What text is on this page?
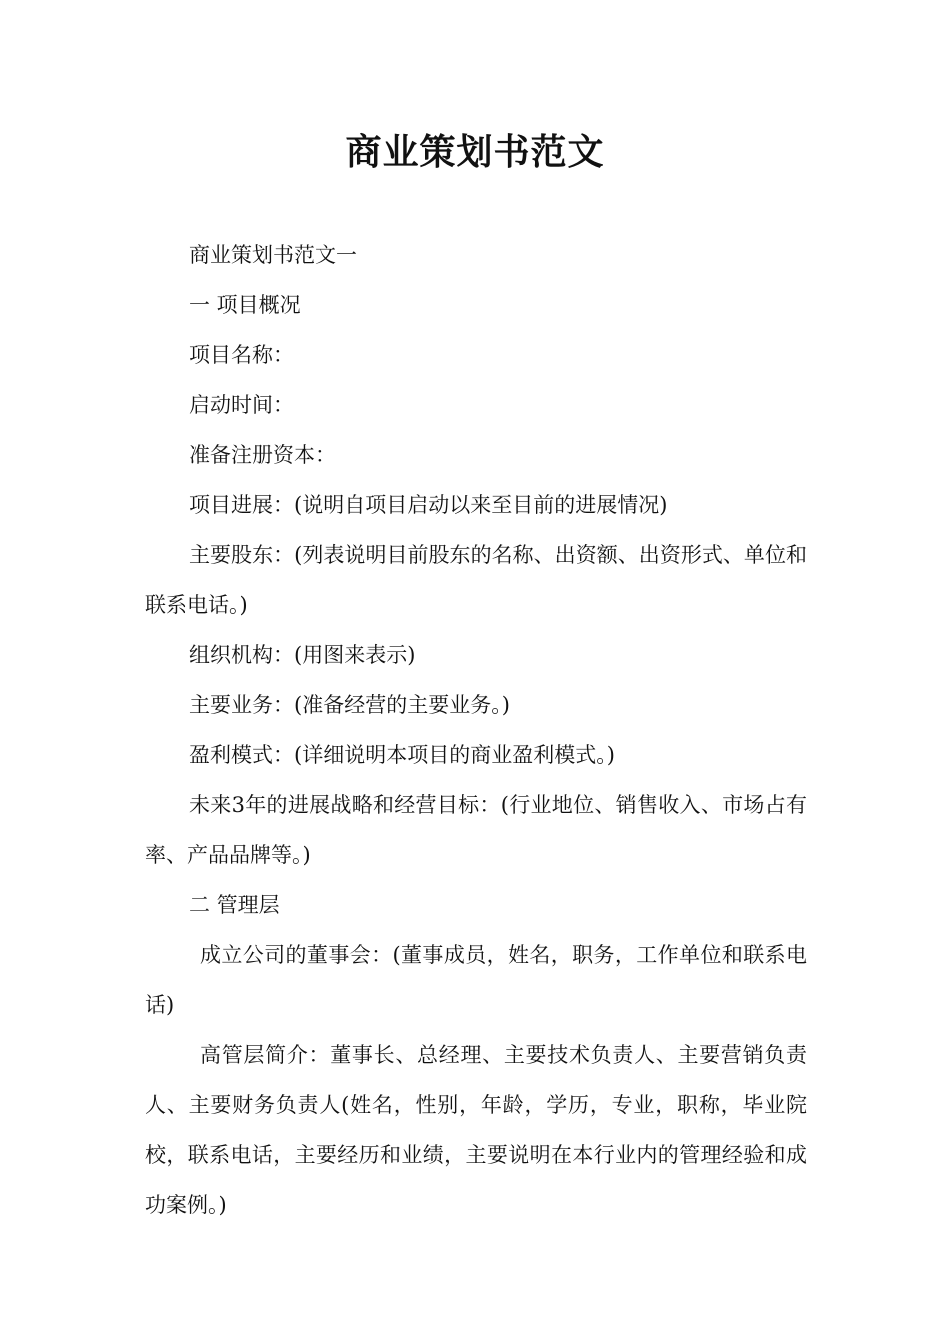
商业策划书范文

商业策划书范文一

一 项目概况

项目名称：

启动时间：

准备注册资本：

项目进展：(说明自项目启动以来至目前的进展情况)

主要股东：(列表说明目前股东的名称、出资额、出资形式、单位和联系电话。)

组织机构：(用图来表示)

主要业务：(准备经营的主要业务。)

盈利模式：(详细说明本项目的商业盈利模式。)

未来3年的进展战略和经营目标：(行业地位、销售收入、市场占有率、产品品牌等。)

二 管理层

成立公司的董事会：(董事成员，姓名，职务，工作单位和联系电话)

高管层简介：董事长、总经理、主要技术负责人、主要营销负责人、主要财务负责人(姓名，性别，年龄，学历，专业，职称，毕业院校，联系电话，主要经历和业绩，主要说明在本行业内的管理经验和成功案例。)
